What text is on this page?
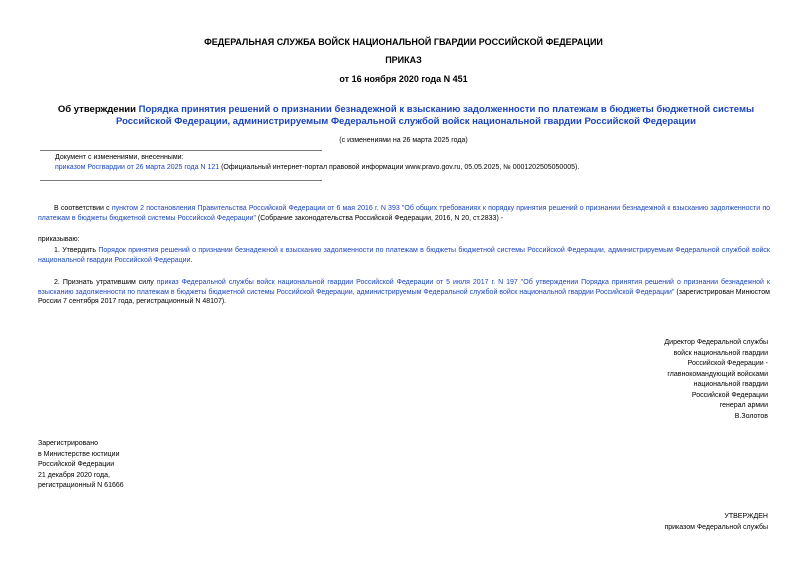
ФЕДЕРАЛЬНАЯ СЛУЖБА ВОЙСК НАЦИОНАЛЬНОЙ ГВАРДИИ РОССИЙСКОЙ ФЕДЕРАЦИИ
ПРИКАЗ
от 16 ноября 2020 года N 451
Об утверждении Порядка принятия решений о признании безнадежной к взысканию задолженности по платежам в бюджеты бюджетной системы Российской Федерации, администрируемым Федеральной службой войск национальной гвардии Российской Федерации
(с изменениями на 26 марта 2025 года)
Документ с изменениями, внесенными:
приказом Росгвардии от 26 марта 2025 года N 121 (Официальный интернет-портал правовой информации www.pravo.gov.ru, 05.05.2025, № 0001202505050005).
В соответствии с пунктом 2 постановления Правительства Российской Федерации от 6 мая 2016 г. N 393 "Об общих требованиях к порядку принятия решений о признании безнадежной к взысканию задолженности по платежам в бюджеты бюджетной системы Российской Федерации" (Собрание законодательства Российской Федерации, 2016, N 20, ст.2833) -
приказываю:
1. Утвердить Порядок принятия решений о признании безнадежной к взысканию задолженности по платежам в бюджеты бюджетной системы Российской Федерации, администрируемым Федеральной службой войск национальной гвардии Российской Федерации.
2. Признать утратившим силу приказ Федеральной службы войск национальной гвардии Российской Федерации от 5 июля 2017 г. N 197 "Об утверждении Порядка принятия решений о признании безнадежной к взысканию задолженности по платежам в бюджеты бюджетной системы Российской Федерации, администрируемым Федеральной службой войск национальной гвардии Российской Федерации" (зарегистрирован Минюстом России 7 сентября 2017 года, регистрационный N 48107).
Директор Федеральной службы
войск национальной гвардии
Российской Федерации -
главнокомандующий войсками
национальной гвардии
Российской Федерации
генерал армии
В.Золотов
Зарегистрировано
в Министерстве юстиции
Российской Федерации
21 декабря 2020 года,
регистрационный N 61666
УТВЕРЖДЕН
приказом Федеральной службы
